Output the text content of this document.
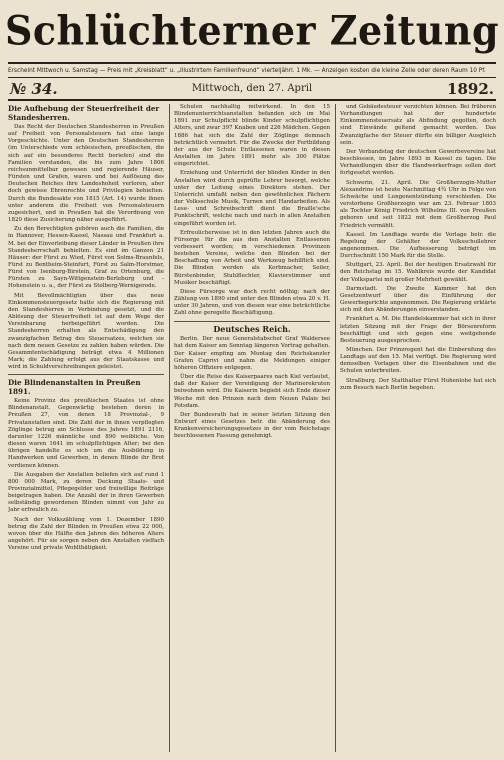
Schlüchterner Zeitung
Erscheint Mittwoch u. Samstag — Preis mit „Kreisblatt“ u. „Illustrirtem Familienfreund“ vierteljährl. 1 Mk. — Anzeigen kosten die kleine Zeile oder deren Raum 10 Pf.
№ 34.	Mittwoch, den 27. April	1892.
Die Aufhebung der Steuerfreiheit der Standesherren.

Das Recht der Deutschen Standesherren in Preußen auf Freiheit von Personalsteuern hat eine lange Vorgeschichte. Unter den Deutschen Standesherren (im Unterschiede vom schlesischen, preußischen, die sich auf ein besonderes Recht beriefen) sind die Familien verstanden, die bis zum Jahre 1806 reichsunmittelbar gewesen und regierende Häuser, Fürsten und Grafen, waren und bei Auflösung des Deutschen Reiches ihre Landeshoheit verloren, aber doch gewisse Ehrenrechte und Privilegien behielten. Durch die Bundesakte von 1815 (Art. 14) wurde ihnen unter anderem die Freiheit von Personalsteuern zugesichert, und in Preußen hat die Verordnung von 1820 diese Zusicherung näher ausgeführt.

Zu den Berechtigten gehören auch die Familien, die in Hannover, Hessen-Kassel, Nassau und Frankfurt a. M. bei der Einverleibung dieser Länder in Preußen ihre Standesherrschaft behielten. Es sind im Ganzen 21 Häuser: der Fürst zu Wied, Fürst von Solms-Braunfels, Fürst zu Bentheim-Steinfurt, Fürst zu Salm-Horstmar, Fürst von Isenburg-Birstein, Graf zu Ortenburg, die Fürsten zu Sayn-Wittgenstein-Berleburg und -Hohenstein u. a., der Fürst zu Stolberg-Wernigerode.

Mit Bevollmächtigten über das neue Einkommensteuergesetz hatte sich die Regierung mit den Standesherren in Verbindung gesetzt, und die Ablösung der Steuerfreiheit ist auf dem Wege der Vereinbarung herbeigeführt worden. Die Standesherren erhalten als Entschädigung den zwanzigfachen Betrag des Steuersatzes, welchen sie nach dem neuen Gesetze zu zahlen haben würden. Die Gesammtentschädigung beträgt etwa 4 Millionen Mark; die Zahlung erfolgt aus der Staatskasse und wird in Schuldverschreibungen geleistet.

Die Blindenanstalten in Preußen 1891.

Keine Provinz des preußischen Staates ist ohne Blindenanstalt. Gegenwärtig bestehen deren in Preußen 27, von denen 18 Provinzial-, 9 Privatanstalten sind. Die Zahl der in ihnen verpflegten Zöglinge betrug am Schlusse des Jahres 1891 2116, darunter 1226 männliche und 890 weibliche. Von diesen waren 1641 im schulpflichtigen Alter; bei den übrigen handelte es sich um die Ausbildung in Handwerken und Gewerben, in denen Blinde ihr Brot verdienen können.

Die Ausgaben der Anstalten beliefen sich auf rund 1 800 000 Mark, zu deren Deckung Staats- und Provinzialmittel, Pflegegelder und freiwillige Beiträge beigetragen haben. Die Anzahl der in ihren Gewerben selbständig gewordenen Blinden nimmt von Jahr zu Jahr erfreulich zu.

Nach der Volkszählung vom 1. Dezember 1890 betrug die Zahl der Blinden in Preußen etwa 22 000, wovon über die Hälfte den Jahren des höheren Alters angehört. Für sie sorgen neben den Anstalten vielfach Vereine und private Wohlthätigkeit.

Schulen nachhaltig mitwirkend. In den 15 Blindenunterrichtsanstalten befanden sich im Mai 1891 zur Schulpflicht blinde Kinder schulpflichtigen Alters, und zwar 397 Knaben und 226 Mädchen. Gegen 1886 hat sich die Zahl der Zöglinge demnach beträchtlich vermehrt. Für die Zwecke der Fortbildung der aus der Schule Entlassenen waren in diesen Anstalten im Jahre 1891 mehr als 300 Plätze eingerichtet.

Erziehung und Unterricht der blinden Kinder in den Anstalten wird durch geprüfte Lehrer besorgt, welche unter der Leitung eines Direktors stehen. Der Unterricht umfaßt neben den gewöhnlichen Fächern der Volksschule Musik, Turnen und Handarbeiten. Als Lese- und Schreibschrift dient die Braille'sche Punktschrift, welche nach und nach in allen Anstalten eingeführt worden ist.

Erfreulicherweise ist in den letzten Jahren auch die Fürsorge für die aus den Anstalten Entlassenen verbessert worden; in verschiedenen Provinzen bestehen Vereine, welche den Blinden bei der Beschaffung von Arbeit und Werkzeug behilflich sind. Die Blinden werden als Korbmacher, Seiler, Bürstenbinder, Stuhlflechter, Klavierstimmer und Musiker beschäftigt.

Diese Fürsorge war doch recht nöthig; nach der Zählung von 1890 sind unter den Blinden etwa 20 v. H. unter 30 Jahren, und von diesen war eine beträchtliche Zahl ohne geregelte Beschäftigung.

Deutsches Reich.

Berlin. Der neue Generalstabschef Graf Waldersee hat dem Kaiser am Sonntag längeren Vortrag gehalten. Der Kaiser empfing am Montag den Reichskanzler Grafen Caprivi und nahm die Meldungen einiger höheren Offiziere entgegen.

Über die Reise des Kaiserpaares nach Kiel verlautet, daß der Kaiser der Vereidigung der Marinerekruten beiwohnen wird. Die Kaiserin begiebt sich Ende dieser Woche mit den Prinzen nach dem Neuen Palais bei Potsdam.

Der Bundesrath hat in seiner letzten Sitzung den Entwurf eines Gesetzes betr. die Abänderung des Krankenversicherungsgesetzes in der vom Reichstage beschlossenen Fassung genehmigt.

und Gebäudesteuer verzichten können. Bei früheren Verhandlungen hat der hundertste Einkommensteuersatz als Abfindung gegolten, doch sind Einwände geltend gemacht worden. Das Zwanzigfache der Steuer dürfte ein billiger Ausgleich sein.

Der Verbandstag der deutschen Gewerbevereine hat beschlossen, im Jahre 1893 in Kassel zu tagen. Die Verhandlungen über die Handwerkerfrage sollen dort fortgesetzt werden.

Schwerin, 21. April. Die Großherzogin-Mutter Alexandrine ist heute Nachmittag 4¾ Uhr in Folge von Schwäche und Lungenentzündung verschieden. Die verstorbene Großherzogin war am 23. Februar 1803 als Tochter König Friedrich Wilhelms III. von Preußen geboren und seit 1822 mit dem Großherzog Paul Friedrich vermählt.

Kassel. Im Landtage wurde die Vorlage betr. die Regelung der Gehälter der Volksschullehrer angenommen. Die Aufbesserung beträgt im Durchschnitt 150 Mark für die Stelle.

Stuttgart, 23. April. Bei der heutigen Ersatzwahl für den Reichstag im 15. Wahlkreis wurde der Kandidat der Volkspartei mit großer Mehrheit gewählt.

Darmstadt. Die Zweite Kammer hat den Gesetzentwurf über die Einführung der Gewerbegerichte angenommen. Die Regierung erklärte sich mit den Abänderungen einverstanden.

Frankfurt a. M. Die Handelskammer hat sich in ihrer letzten Sitzung mit der Frage der Börsenreform beschäftigt und sich gegen eine weitgehende Besteuerung ausgesprochen.

München. Der Prinzregent hat die Einberufung des Landtags auf den 15. Mai verfügt. Die Regierung wird demselben Vorlagen über die Eisenbahnen und die Schulen unterbreiten.

Straßburg. Der Statthalter Fürst Hohenlohe hat sich zum Besuch nach Berlin begeben.
